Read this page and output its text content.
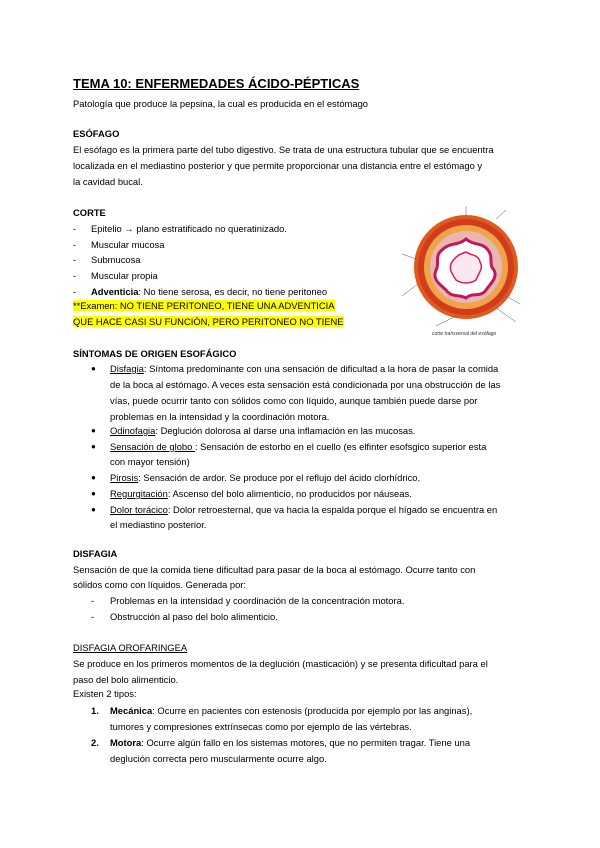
TEMA 10: ENFERMEDADES ÁCIDO-PÉPTICAS
Patología que produce la pepsina, la cual es producida en el estómago
ESÓFAGO
El esófago es la primera parte del tubo digestivo. Se trata de una estructura tubular que se encuentra
localizada en el mediastino posterior y que permite proporcionar una distancia entre el estómago y
la cavidad bucal.
CORTE
- Epitelio → plano estratificado no queratinizado.
- Muscular mucosa
- Submucosa
- Muscular propia
- Adventicia: No tiene serosa, es decir, no tiene peritoneo
**Examen: NO TIENE PERITONEO, TIENE UNA ADVENTICIA
QUE HACE CASI SU FUNCIÓN, PERO PERITONEO NO TIENE
corte transversal del esófago
SÍNTOMAS DE ORIGEN ESOFÁGICO
● Disfagia: Síntoma predominante con una sensación de dificultad a la hora de pasar la comida
de la boca al estómago. A veces esta sensación está condicionada por una obstrucción de las
vías, puede ocurrir tanto con sólidos como con líquido, aunque también puede darse por
problemas en la intensidad y la coordinación motora.
● Odinofagia: Deglución dolorosa al darse una inflamación en las mucosas.
● Sensación de globo : Sensación de estorbo en el cuello (es elfinter esofsgico superior esta
con mayor tensión)
● Pirosis: Sensación de ardor. Se produce por el reflujo del ácido clorhídrico.
● Regurgitación: Ascenso del bolo alimenticio, no producidos por náuseas.
● Dolor torácico: Dolor retroesternal, que va hacia la espalda porque el hígado se encuentra en
el mediastino posterior.
DISFAGIA
Sensación de que la comida tiene dificultad para pasar de la boca al estómago. Ocurre tanto con
sólidos como con líquidos. Generada por:
- Problemas en la intensidad y coordinación de la concentración motora.
- Obstrucción al paso del bolo alimenticio.
DISFAGIA OROFARINGEA
Se produce en los primeros momentos de la deglución (masticación) y se presenta dificultad para el
paso del bolo alimenticio.
Existen 2 tipos:
1. Mecánica: Ocurre en pacientes con estenosis (producida por ejemplo por las anginas),
tumores y compresiones extrínsecas como por ejemplo de las vértebras.
2. Motora: Ocurre algún fallo en los sistemas motores, que no permiten tragar. Tiene una
deglución correcta pero muscularmente ocurre algo.
